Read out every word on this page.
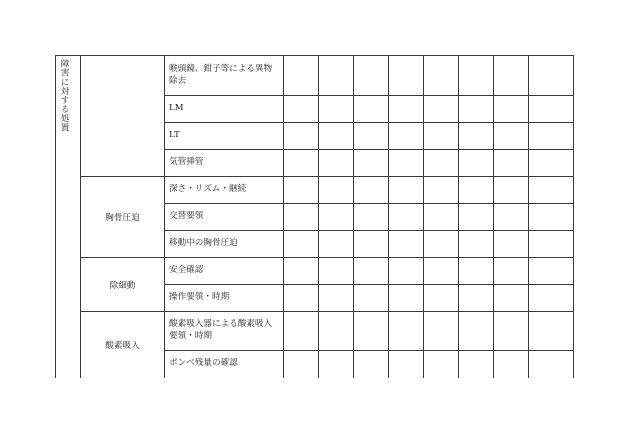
障害に対する処置		喉頭鏡、鉗子等による異物除去								
		LM								
		LT								
		気管挿管								
	胸骨圧迫	深さ・リズム・継続								
		交替要領								
		移動中の胸骨圧迫								
	除細動	安全確認								
		操作要領・時期								
	酸素吸入	酸素吸入器による酸素吸入要領・時期								
		ボンベ残量の確認								
